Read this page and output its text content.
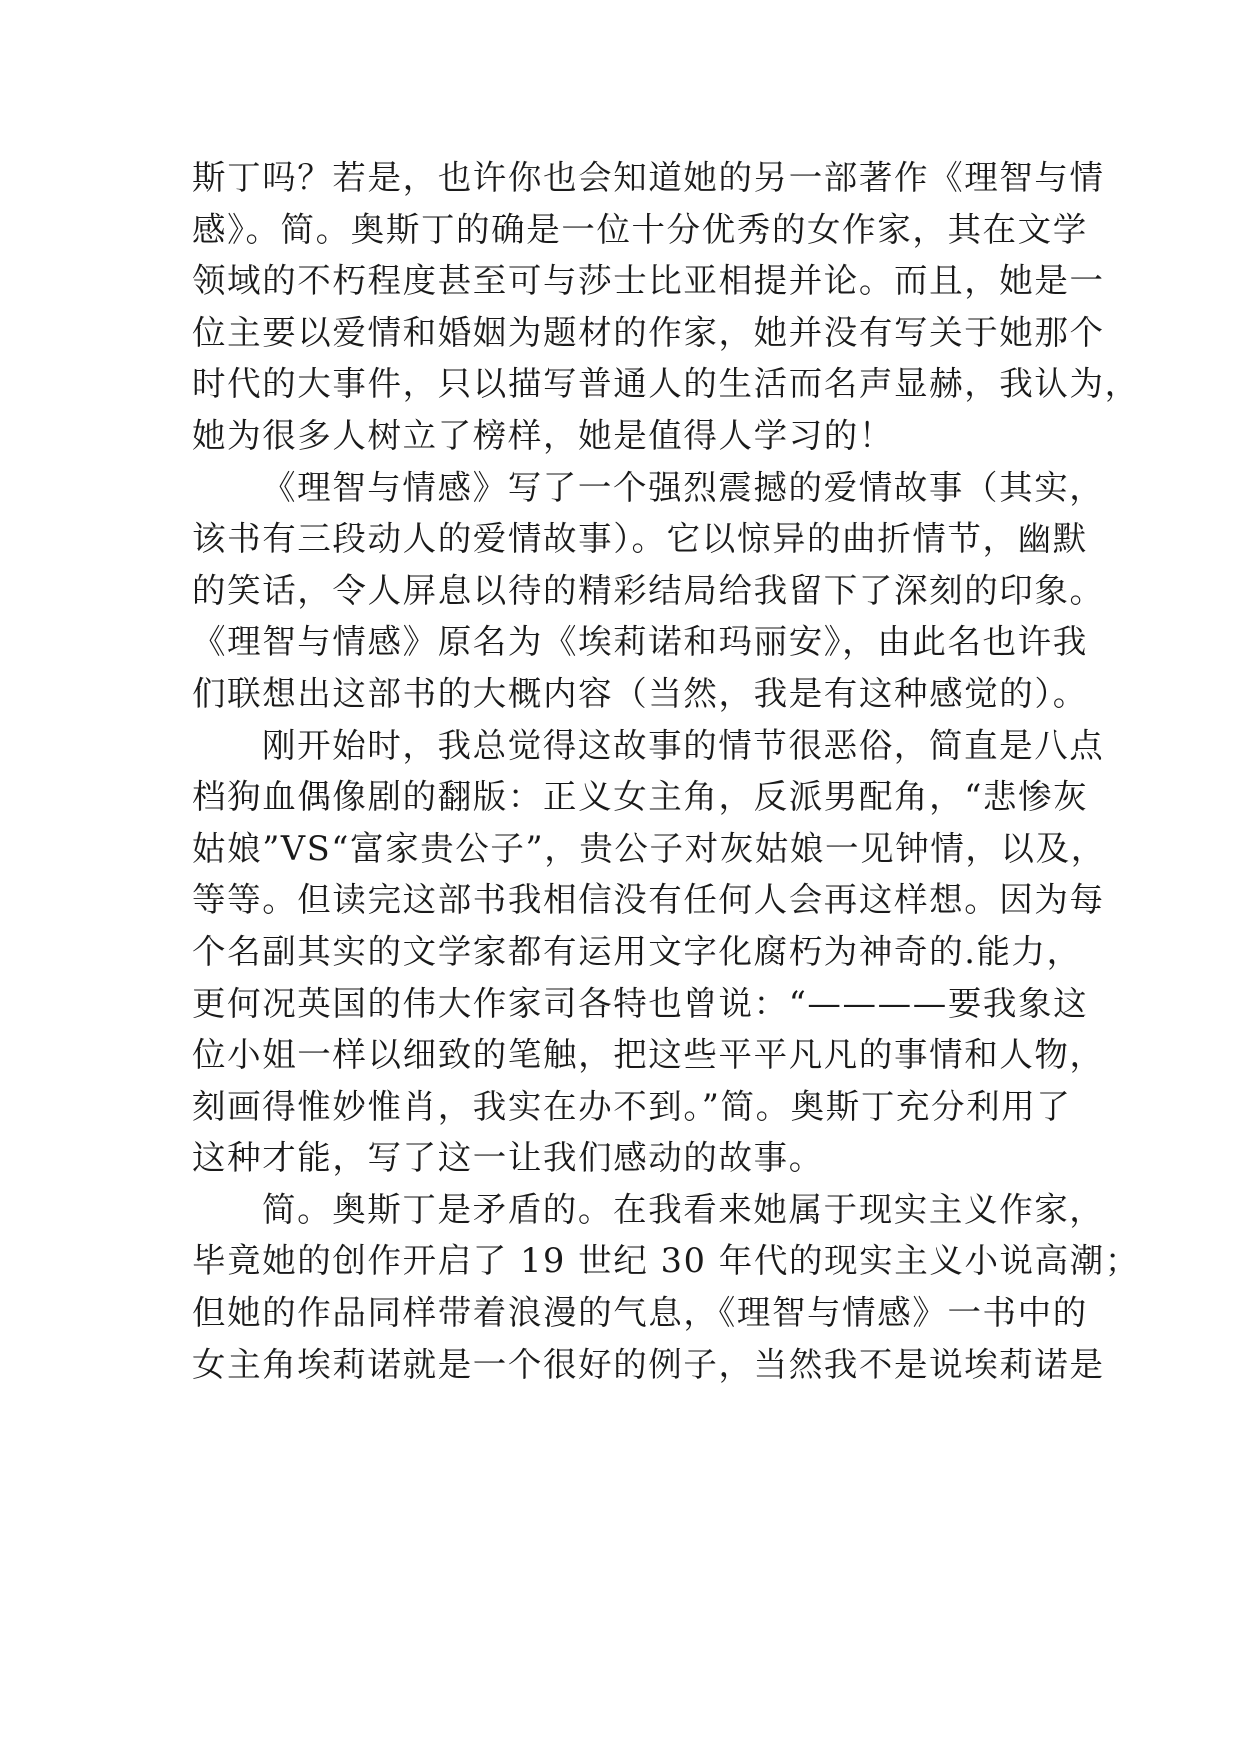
斯丁吗？若是，也许你也会知道她的另一部著作《理智与情
感》。简。奥斯丁的确是一位十分优秀的女作家，其在文学
领域的不朽程度甚至可与莎士比亚相提并论。而且，她是一
位主要以爱情和婚姻为题材的作家，她并没有写关于她那个
时代的大事件，只以描写普通人的生活而名声显赫，我认为，
她为很多人树立了榜样，她是值得人学习的！
《理智与情感》写了一个强烈震撼的爱情故事（其实，
该书有三段动人的爱情故事）。它以惊异的曲折情节，幽默
的笑话，令人屏息以待的精彩结局给我留下了深刻的印象。
《理智与情感》原名为《埃莉诺和玛丽安》，由此名也许我
们联想出这部书的大概内容（当然，我是有这种感觉的）。
刚开始时，我总觉得这故事的情节很恶俗，简直是八点
档狗血偶像剧的翻版：正义女主角，反派男配角，“悲惨灰
姑娘”VS“富家贵公子”，贵公子对灰姑娘一见钟情，以及，
等等。但读完这部书我相信没有任何人会再这样想。因为每
个名副其实的文学家都有运用文字化腐朽为神奇的.能力，
更何况英国的伟大作家司各特也曾说：“————要我象这
位小姐一样以细致的笔触，把这些平平凡凡的事情和人物，
刻画得惟妙惟肖，我实在办不到。”简。奥斯丁充分利用了
这种才能，写了这一让我们感动的故事。
简。奥斯丁是矛盾的。在我看来她属于现实主义作家，
毕竟她的创作开启了 19 世纪 30 年代的现实主义小说高潮；
但她的作品同样带着浪漫的气息，《理智与情感》一书中的
女主角埃莉诺就是一个很好的例子，当然我不是说埃莉诺是
